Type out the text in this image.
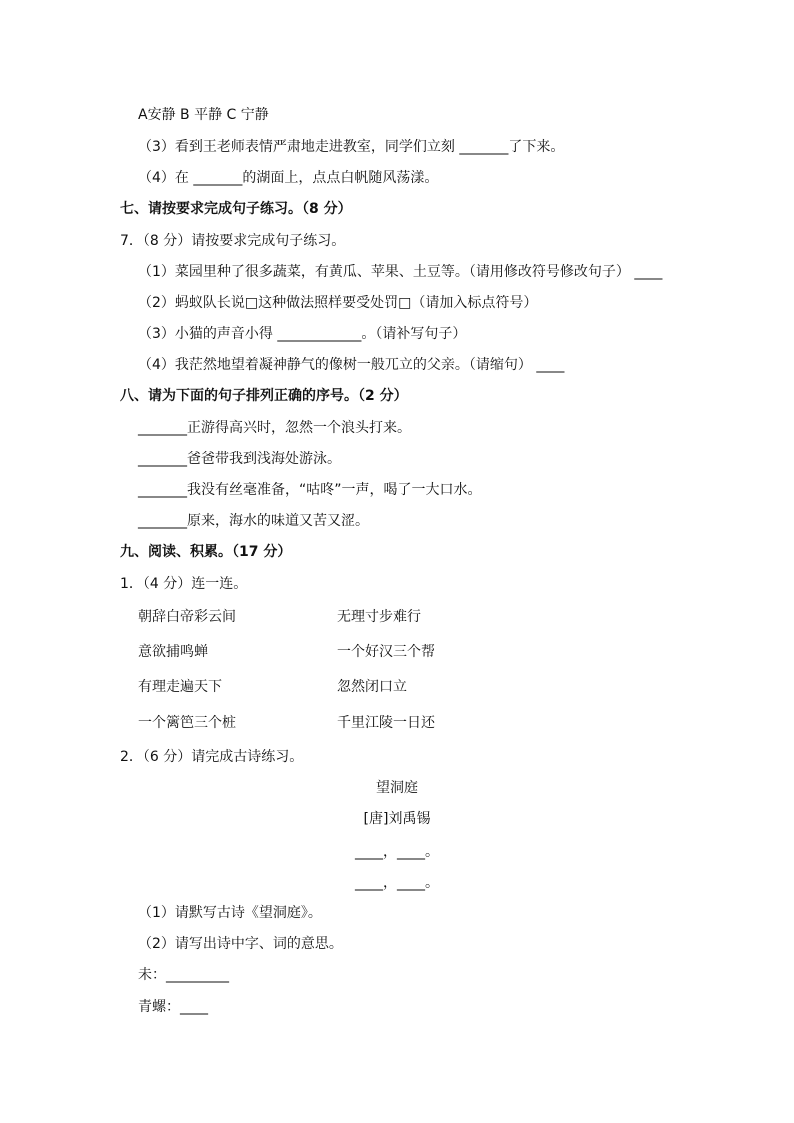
A安静 B 平静 C 宁静
（3）看到王老师表情严肃地走进教室，同学们立刻 _______了下来。
（4）在 _______的湖面上，点点白帆随风荡漾。
七、请按要求完成句子练习。（8 分）
7．（8 分）请按要求完成句子练习。
（1）菜园里种了很多蔬菜，有黄瓜、苹果、土豆等。（请用修改符号修改句子） ____
（2）蚂蚁队长说□这种做法照样要受处罚□（请加入标点符号）
（3）小猫的声音小得 ____________。（请补写句子）
（4）我茫然地望着凝神静气的像树一般兀立的父亲。（请缩句） ____
八、请为下面的句子排列正确的序号。（2 分）
_______正游得高兴时，忽然一个浪头打来。
_______爸爸带我到浅海处游泳。
_______我没有丝毫准备，“咕咚”一声，喝了一大口水。
_______原来，海水的味道又苦又涩。
九、阅读、积累。（17 分）
1．（4 分）连一连。
朝辞白帝彩云间	无理寸步难行
意欲捕鸣蝉	一个好汉三个帮
有理走遍天下	忽然闭口立
一个篱笆三个桩	千里江陵一日还
2．（6 分）请完成古诗练习。
望洞庭
[唐]刘禹锡
____，____。
____，____。
（1）请默写古诗《望洞庭》。
（2）请写出诗中字、词的意思。
未：_________
青螺：____
